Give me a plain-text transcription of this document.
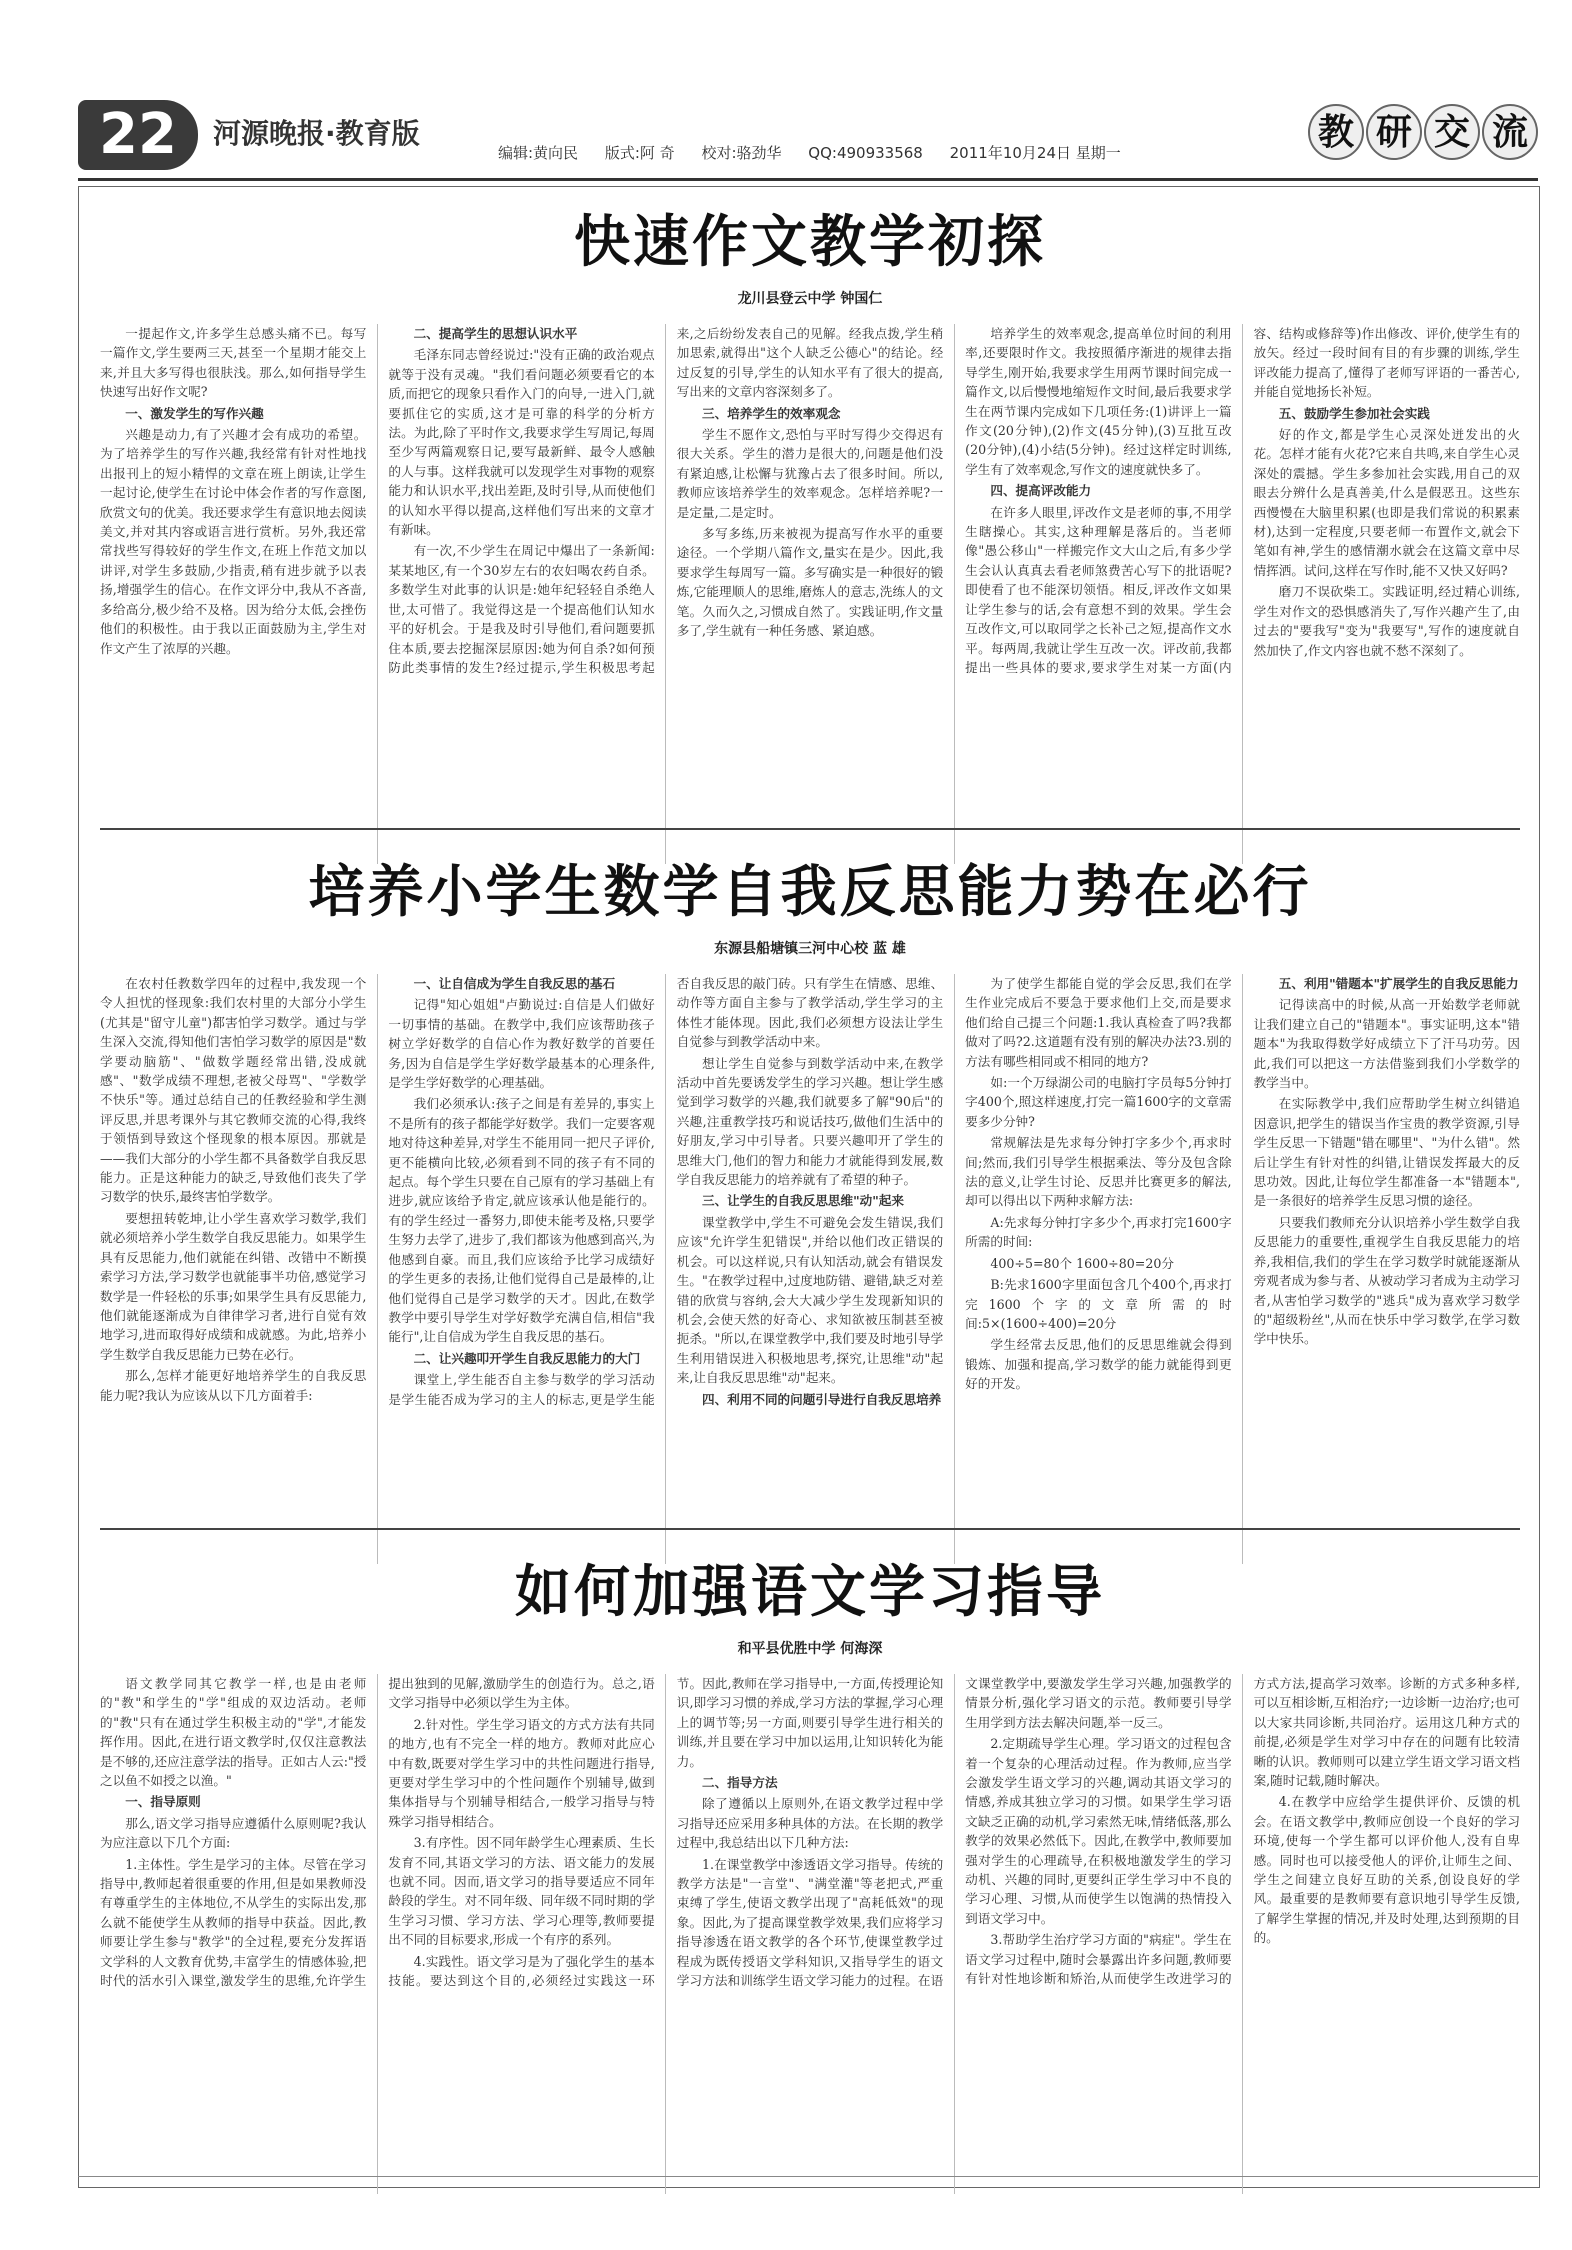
22	河源晚报·教育版
编辑:黄向民 版式:阿 奇 校对:骆劲华 QQ:490933568 2011年10月24日 星期一	教 研 交 流
快速作文教学初探
龙川县登云中学 钟国仁

一提起作文,许多学生总感头痛不已。每写一篇作文,学生要两三天,甚至一个星期才能交上来,并且大多写得也很肤浅。那么,如何指导学生快速写出好作文呢?

一、激发学生的写作兴趣

兴趣是动力,有了兴趣才会有成功的希望。为了培养学生的写作兴趣,我经常有针对性地找出报刊上的短小精悍的文章在班上朗读,让学生一起讨论,使学生在讨论中体会作者的写作意图,欣赏文句的优美。我还要求学生有意识地去阅读美文,并对其内容或语言进行赏析。另外,我还常常找些写得较好的学生作文,在班上作范文加以讲评,对学生多鼓励,少指责,稍有进步就予以表扬,增强学生的信心。在作文评分中,我从不吝啬,多给高分,极少给不及格。因为给分太低,会挫伤他们的积极性。由于我以正面鼓励为主,学生对作文产生了浓厚的兴趣。

二、提高学生的思想认识水平

毛泽东同志曾经说过:"没有正确的政治观点就等于没有灵魂。"我们看问题必须要看它的本质,而把它的现象只看作入门的向导,一进入门,就要抓住它的实质,这才是可靠的科学的分析方法。为此,除了平时作文,我要求学生写周记,每周至少写两篇观察日记,要写最新鲜、最令人感触的人与事。这样我就可以发现学生对事物的观察能力和认识水平,找出差距,及时引导,从而使他们的认知水平得以提高,这样他们写出来的文章才有新味。

有一次,不少学生在周记中爆出了一条新闻:某某地区,有一个30岁左右的农妇喝农药自杀。多数学生对此事的认识是:她年纪轻轻自杀绝人世,太可惜了。我觉得这是一个提高他们认知水平的好机会。于是我及时引导他们,看问题要抓住本质,要去挖掘深层原因:她为何自杀?如何预防此类事情的发生?经过提示,学生积极思考起来,之后纷纷发表自己的见解。经我点拨,学生稍加思索,就得出"这个人缺乏公德心"的结论。经过反复的引导,学生的认知水平有了很大的提高,写出来的文章内容深刻多了。

三、培养学生的效率观念

学生不愿作文,恐怕与平时写得少交得迟有很大关系。学生的潜力是很大的,问题是他们没有紧迫感,让松懈与犹豫占去了很多时间。所以,教师应该培养学生的效率观念。怎样培养呢?一是定量,二是定时。

多写多练,历来被视为提高写作水平的重要途径。一个学期八篇作文,量实在是少。因此,我要求学生每周写一篇。多写确实是一种很好的锻炼,它能理顺人的思维,磨炼人的意志,洗练人的文笔。久而久之,习惯成自然了。实践证明,作文量多了,学生就有一种任务感、紧迫感。

培养学生的效率观念,提高单位时间的利用率,还要限时作文。我按照循序渐进的规律去指导学生,刚开始,我要求学生用两节课时间完成一篇作文,以后慢慢地缩短作文时间,最后我要求学生在两节课内完成如下几项任务:(1)讲评上一篇作文(20分钟),(2)作文(45分钟),(3)互批互改(20分钟),(4)小结(5分钟)。经过这样定时训练,学生有了效率观念,写作文的速度就快多了。

四、提高评改能力

在许多人眼里,评改作文是老师的事,不用学生瞎操心。其实,这种理解是落后的。当老师像"愚公移山"一样搬完作文大山之后,有多少学生会认认真真去看老师煞费苦心写下的批语呢?即使看了也不能深切领悟。相反,评改作文如果让学生参与的话,会有意想不到的效果。学生会互改作文,可以取同学之长补己之短,提高作文水平。每两周,我就让学生互改一次。评改前,我都提出一些具体的要求,要求学生对某一方面(内容、结构或修辞等)作出修改、评价,使学生有的放矢。经过一段时间有目的有步骤的训练,学生评改能力提高了,懂得了老师写评语的一番苦心,并能自觉地扬长补短。

五、鼓励学生参加社会实践

好的作文,都是学生心灵深处迸发出的火花。怎样才能有火花?它来自共鸣,来自学生心灵深处的震撼。学生多参加社会实践,用自己的双眼去分辨什么是真善美,什么是假恶丑。这些东西慢慢在大脑里积累(也即是我们常说的积累素材),达到一定程度,只要老师一布置作文,就会下笔如有神,学生的感情潮水就会在这篇文章中尽情挥洒。试问,这样在写作时,能不又快又好吗?

磨刀不误砍柴工。实践证明,经过精心训练,学生对作文的恐惧感消失了,写作兴趣产生了,由过去的"要我写"变为"我要写",写作的速度就自然加快了,作文内容也就不愁不深刻了。

培养小学生数学自我反思能力势在必行
东源县船塘镇三河中心校 蓝 雄

在农村任教数学四年的过程中,我发现一个令人担忧的怪现象:我们农村里的大部分小学生(尤其是"留守儿童")都害怕学习数学。通过与学生深入交流,得知他们害怕学习数学的原因是"数学要动脑筋"、"做数学题经常出错,没成就感"、"数学成绩不理想,老被父母骂"、"学数学不快乐"等。通过总结自己的任教经验和学生测评反思,并思考课外与其它教师交流的心得,我终于领悟到导致这个怪现象的根本原因。那就是——我们大部分的小学生都不具备数学自我反思能力。正是这种能力的缺乏,导致他们丧失了学习数学的快乐,最终害怕学数学。

要想扭转乾坤,让小学生喜欢学习数学,我们就必须培养小学生数学自我反思能力。如果学生具有反思能力,他们就能在纠错、改错中不断摸索学习方法,学习数学也就能事半功倍,感觉学习数学是一件轻松的乐事;如果学生具有反思能力,他们就能逐渐成为自律律学习者,进行自觉有效地学习,进而取得好成绩和成就感。为此,培养小学生数学自我反思能力已势在必行。

那么,怎样才能更好地培养学生的自我反思能力呢?我认为应该从以下几方面着手:

一、让自信成为学生自我反思的基石

记得"知心姐姐"卢勤说过:自信是人们做好一切事情的基础。在教学中,我们应该帮助孩子树立学好数学的自信心作为教好数学的首要任务,因为自信是学生学好数学最基本的心理条件,是学生学好数学的心理基础。

我们必须承认:孩子之间是有差异的,事实上不是所有的孩子都能学好数学。我们一定要客观地对待这种差异,对学生不能用同一把尺子评价,更不能横向比较,必须看到不同的孩子有不同的起点。每个学生只要在自己原有的学习基础上有进步,就应该给予肯定,就应该承认他是能行的。有的学生经过一番努力,即使未能考及格,只要学生努力去学了,进步了,我们都该为他感到高兴,为他感到自豪。而且,我们应该给予比学习成绩好的学生更多的表扬,让他们觉得自己是最棒的,让他们觉得自己是学习数学的天才。因此,在数学教学中要引导学生对学好数学充满自信,相信"我能行",让自信成为学生自我反思的基石。

二、让兴趣叩开学生自我反思能力的大门

课堂上,学生能否自主参与数学的学习活动是学生能否成为学习的主人的标志,更是学生能否自我反思的敲门砖。只有学生在情感、思维、动作等方面自主参与了教学活动,学生学习的主体性才能体现。因此,我们必须想方设法让学生自觉参与到教学活动中来。

想让学生自觉参与到数学活动中来,在教学活动中首先要诱发学生的学习兴趣。想让学生感觉到学习数学的兴趣,我们就要多了解"90后"的兴趣,注重教学技巧和说话技巧,做他们生活中的好朋友,学习中引导者。只要兴趣叩开了学生的思维大门,他们的智力和能力才就能得到发展,数学自我反思能力的培养就有了希望的种子。

三、让学生的自我反思思维"动"起来

课堂教学中,学生不可避免会发生错误,我们应该"允许学生犯错误",并给以他们改正错误的机会。可以这样说,只有认知活动,就会有错误发生。"在教学过程中,过度地防错、避错,缺乏对差错的欣赏与容纳,会大大减少学生发现新知识的机会,会使天然的好奇心、求知欲被压制甚至被扼杀。"所以,在课堂教学中,我们要及时地引导学生利用错误进入积极地思考,探究,让思维"动"起来,让自我反思思维"动"起来。

四、利用不同的问题引导进行自我反思培养

为了使学生都能自觉的学会反思,我们在学生作业完成后不要急于要求他们上交,而是要求他们给自己提三个问题:1.我认真检查了吗?我都做对了吗?2.这道题有没有别的解决办法?3.别的方法有哪些相同或不相同的地方?

如:一个万绿湖公司的电脑打字员每5分钟打字400个,照这样速度,打完一篇1600字的文章需要多少分钟?

常规解法是先求每分钟打字多少个,再求时间;然而,我们引导学生根据乘法、等分及包含除法的意义,让学生讨论、反思并比赛更多的解法,却可以得出以下两种求解方法:

A:先求每分钟打字多少个,再求打完1600字所需的时间:

400÷5=80个 1600÷80=20分

B:先求1600字里面包含几个400个,再求打完1600个字的文章所需的时间:5×(1600÷400)=20分

学生经常去反思,他们的反思思维就会得到锻炼、加强和提高,学习数学的能力就能得到更好的开发。

五、利用"错题本"扩展学生的自我反思能力

记得读高中的时候,从高一开始数学老师就让我们建立自己的"错题本"。事实证明,这本"错题本"为我取得数学好成绩立下了汗马功劳。因此,我们可以把这一方法借鉴到我们小学数学的教学当中。

在实际教学中,我们应帮助学生树立纠错追因意识,把学生的错误当作宝贵的教学资源,引导学生反思一下错题"错在哪里"、"为什么错"。然后让学生有针对性的纠错,让错误发挥最大的反思功效。因此,让每位学生都准备一本"错题本",是一条很好的培养学生反思习惯的途径。

只要我们教师充分认识培养小学生数学自我反思能力的重要性,重视学生自我反思能力的培养,我相信,我们的学生在学习数学时就能逐渐从旁观者成为参与者、从被动学习者成为主动学习者,从害怕学习数学的"逃兵"成为喜欢学习数学的"超级粉丝",从而在快乐中学习数学,在学习数学中快乐。

如何加强语文学习指导
和平县优胜中学 何海深

语文教学同其它教学一样,也是由老师的"教"和学生的"学"组成的双边活动。老师的"教"只有在通过学生积极主动的"学",才能发挥作用。因此,在进行语文教学时,仅仅注意教法是不够的,还应注意学法的指导。正如古人云:"授之以鱼不如授之以渔。"

一、指导原则

那么,语文学习指导应遵循什么原则呢?我认为应注意以下几个方面:

1.主体性。学生是学习的主体。尽管在学习指导中,教师起着很重要的作用,但是如果教师没有尊重学生的主体地位,不从学生的实际出发,那么就不能使学生从教师的指导中获益。因此,教师要让学生参与"教学"的全过程,要充分发挥语文学科的人文教育优势,丰富学生的情感体验,把时代的活水引入课堂,激发学生的思维,允许学生提出独到的见解,激励学生的创造行为。总之,语文学习指导中必须以学生为主体。

2.针对性。学生学习语文的方式方法有共同的地方,也有不完全一样的地方。教师对此应心中有数,既要对学生学习中的共性问题进行指导,更要对学生学习中的个性问题作个别辅导,做到集体指导与个别辅导相结合,一般学习指导与特殊学习指导相结合。

3.有序性。因不同年龄学生心理素质、生长发育不同,其语文学习的方法、语文能力的发展也就不同。因而,语文学习的指导要适应不同年龄段的学生。对不同年级、同年级不同时期的学生学习习惯、学习方法、学习心理等,教师要提出不同的目标要求,形成一个有序的系列。

4.实践性。语文学习是为了强化学生的基本技能。要达到这个目的,必须经过实践这一环节。因此,教师在学习指导中,一方面,传授理论知识,即学习习惯的养成,学习方法的掌握,学习心理上的调节等;另一方面,则要引导学生进行相关的训练,并且要在学习中加以运用,让知识转化为能力。

二、指导方法

除了遵循以上原则外,在语文教学过程中学习指导还应采用多种具体的方法。在长期的教学过程中,我总结出以下几种方法:

1.在课堂教学中渗透语文学习指导。传统的教学方法是"一言堂"、"满堂灌"等老把式,严重束缚了学生,使语文教学出现了"高耗低效"的现象。因此,为了提高课堂教学效果,我们应将学习指导渗透在语文教学的各个环节,使课堂教学过程成为既传授语文学科知识,又指导学生的语文学习方法和训练学生语文学习能力的过程。在语文课堂教学中,要激发学生学习兴趣,加强教学的情景分析,强化学习语文的示范。教师要引导学生用学到方法去解决问题,举一反三。

2.定期疏导学生心理。学习语文的过程包含着一个复杂的心理活动过程。作为教师,应当学会激发学生语文学习的兴趣,调动其语文学习的情感,养成其独立学习的习惯。如果学生学习语文缺乏正确的动机,学习索然无味,情绪低落,那么教学的效果必然低下。因此,在教学中,教师要加强对学生的心理疏导,在积极地激发学生的学习动机、兴趣的同时,更要纠正学生学习中不良的学习心理、习惯,从而使学生以饱满的热情投入到语文学习中。

3.帮助学生治疗学习方面的"病症"。学生在语文学习过程中,随时会暴露出许多问题,教师要有针对性地诊断和矫治,从而使学生改进学习的方式方法,提高学习效率。诊断的方式多种多样,可以互相诊断,互相治疗;一边诊断一边治疗;也可以大家共同诊断,共同治疗。运用这几种方式的前提,必须是学生对学习中存在的问题有比较清晰的认识。教师则可以建立学生语文学习语文档案,随时记载,随时解决。

4.在教学中应给学生提供评价、反馈的机会。在语文教学中,教师应创设一个良好的学习环境,使每一个学生都可以评价他人,没有自卑感。同时也可以接受他人的评价,让师生之间、学生之间建立良好互助的关系,创设良好的学风。最重要的是教师要有意识地引导学生反馈,了解学生掌握的情况,并及时处理,达到预期的目的。
